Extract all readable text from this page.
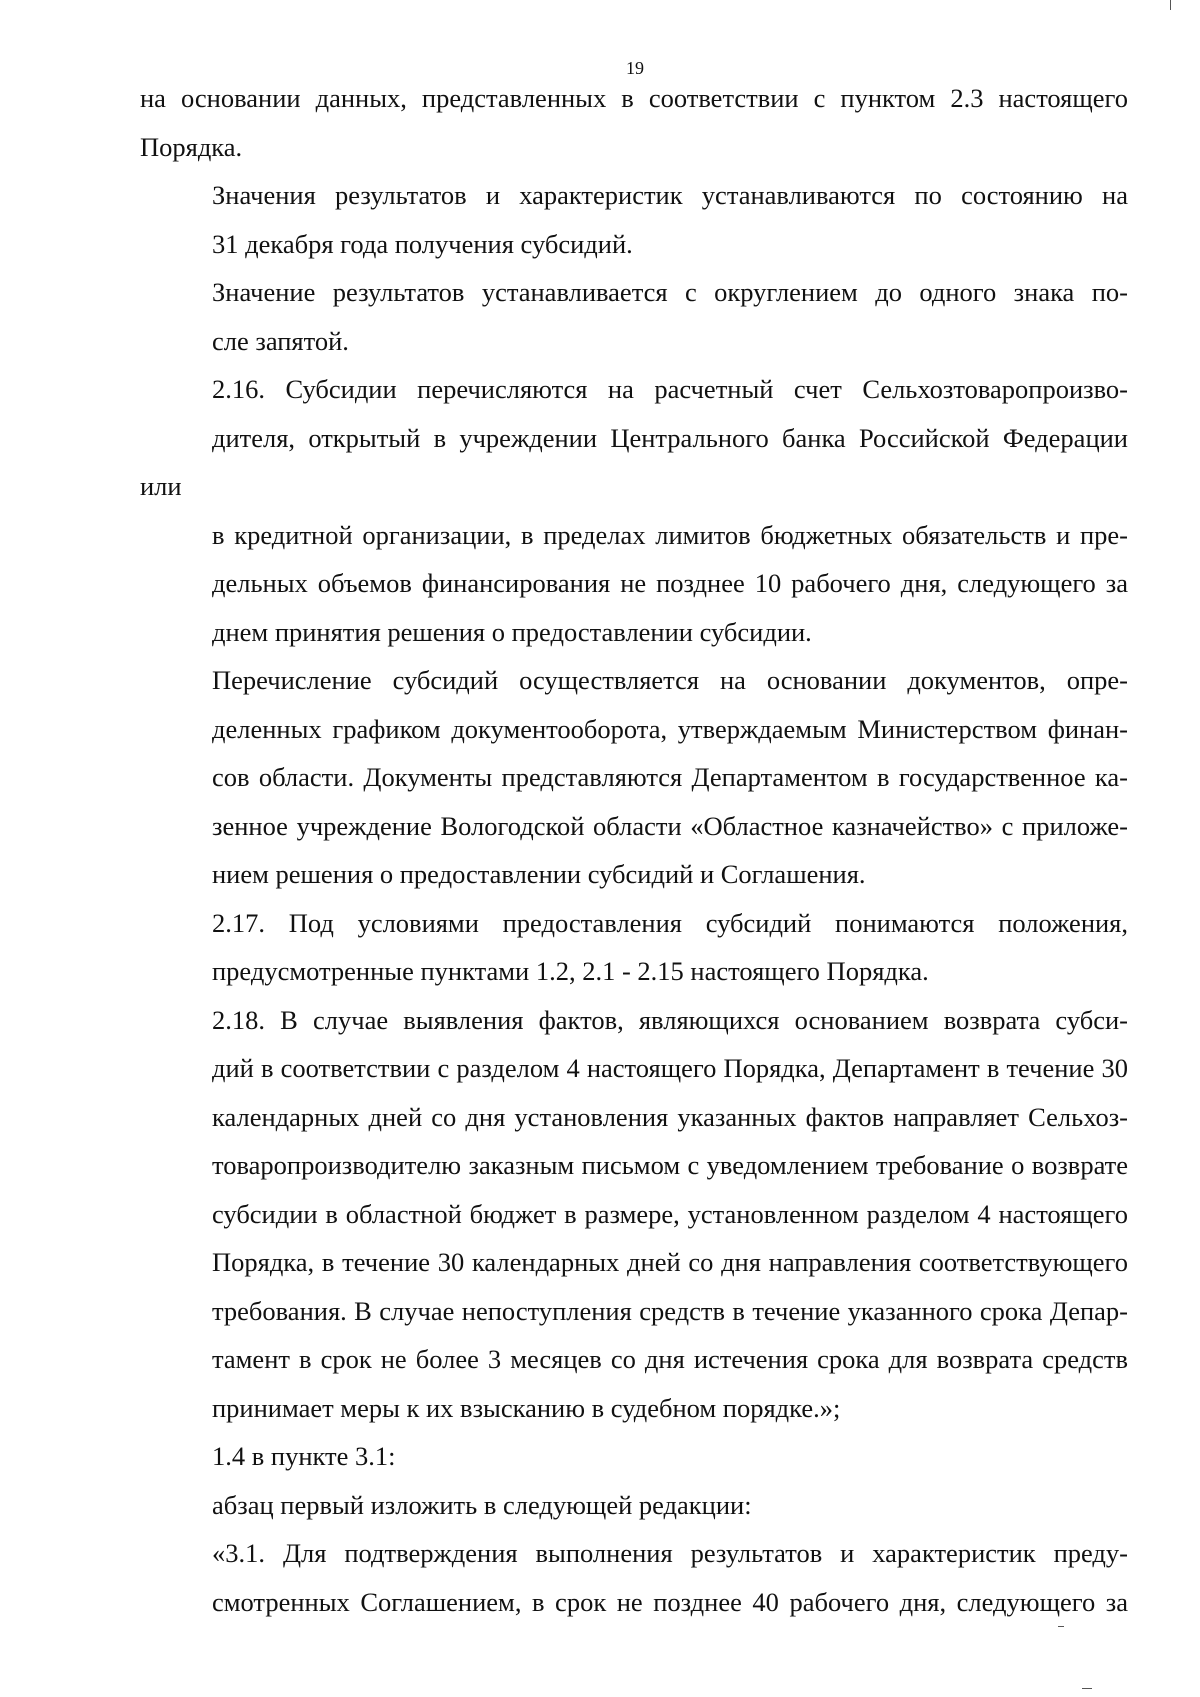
19

на основании данных, представленных в соответствии с пунктом 2.3 настоящего
Порядка.

Значения результатов и характеристик устанавливаются по состоянию на
31 декабря года получения субсидий.

Значение результатов устанавливается с округлением до одного знака по-
сле запятой.

2.16. Субсидии перечисляются на расчетный счет Сельхозтоваропроизво-
дителя, открытый в учреждении Центрального банка Российской Федерации или
в кредитной организации, в пределах лимитов бюджетных обязательств и пре-
дельных объемов финансирования не позднее 10 рабочего дня, следующего за
днем принятия решения о предоставлении субсидии.

Перечисление субсидий осуществляется на основании документов, опре-
деленных графиком документооборота, утверждаемым Министерством финан-
сов области. Документы представляются Департаментом в государственное ка-
зенное учреждение Вологодской области «Областное казначейство» с приложе-
нием решения о предоставлении субсидий и Соглашения.

2.17. Под условиями предоставления субсидий понимаются положения,
предусмотренные пунктами 1.2, 2.1 - 2.15 настоящего Порядка.

2.18. В случае выявления фактов, являющихся основанием возврата субси-
дий в соответствии с разделом 4 настоящего Порядка, Департамент в течение 30
календарных дней со дня установления указанных фактов направляет Сельхоз-
товаропроизводителю заказным письмом с уведомлением требование о возврате
субсидии в областной бюджет в размере, установленном разделом 4 настоящего
Порядка, в течение 30 календарных дней со дня направления соответствующего
требования. В случае непоступления средств в течение указанного срока Депар-
тамент в срок не более 3 месяцев со дня истечения срока для возврата средств
принимает меры к их взысканию в судебном порядке.»;

1.4 в пункте 3.1:

абзац первый изложить в следующей редакции:

«3.1. Для подтверждения выполнения результатов и характеристик преду-
смотренных Соглашением, в срок не позднее 40 рабочего дня, следующего за
